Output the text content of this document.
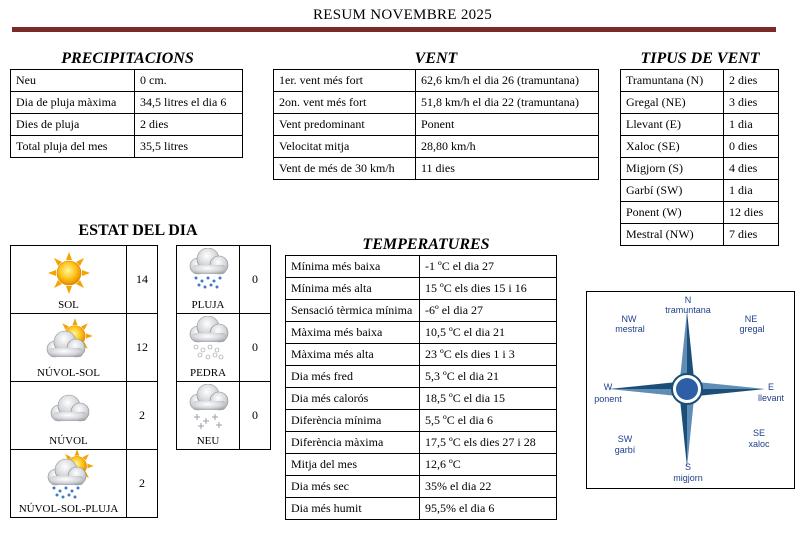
RESUM NOVEMBRE 2025
PRECIPITACIONS
Neu	0 cm.
Dia de pluja màxima	34,5 litres el dia 6
Dies de pluja	2 dies
Total pluja del mes	35,5 litres
VENT
1er. vent més fort	62,6 km/h el dia 26 (tramuntana)
2on. vent més fort	51,8 km/h el dia 22 (tramuntana)
Vent predominant	Ponent
Velocitat mitja	28,80 km/h
Vent de més de 30 km/h	11 dies
TIPUS DE VENT
Tramuntana (N)	2 dies
Gregal (NE)	3 dies
Llevant (E)	1 dia
Xaloc (SE)	0 dies
Migjorn (S)	4 dies
Garbí (SW)	1 dia
Ponent (W)	12 dies
Mestral (NW)	7 dies
ESTAT DEL DIA
SOL	14

NÚVOL-SOL	12

NÚVOL	2

NÚVOL-SOL-PLUJA	2
PLUJA	0

PEDRA	0

NEU	0
TEMPERATURES
Mínima més baixa	-1 ºC el dia 27
Mínima més alta	15 ºC els dies 15 i 16
Sensació tèrmica mínima	-6º el dia 27
Màxima més baixa	10,5 ºC el dia 21
Màxima més alta	23 ºC els dies 1 i 3
Dia més fred	5,3 ºC el dia 21
Dia més calorós	18,5 ºC el dia 15
Diferència mínima	5,5 ºC el dia 6
Diferència màxima	17,5 ºC els dies 27 i 28
Mitja del mes	12,6 ºC
Dia més sec	35% el dia 22
Dia més humit	95,5% el dia 6
N
tramuntana
NE
gregal
E
llevant
SE
xaloc
S
migjorn
SW
garbí
W
ponent
NW
mestral
